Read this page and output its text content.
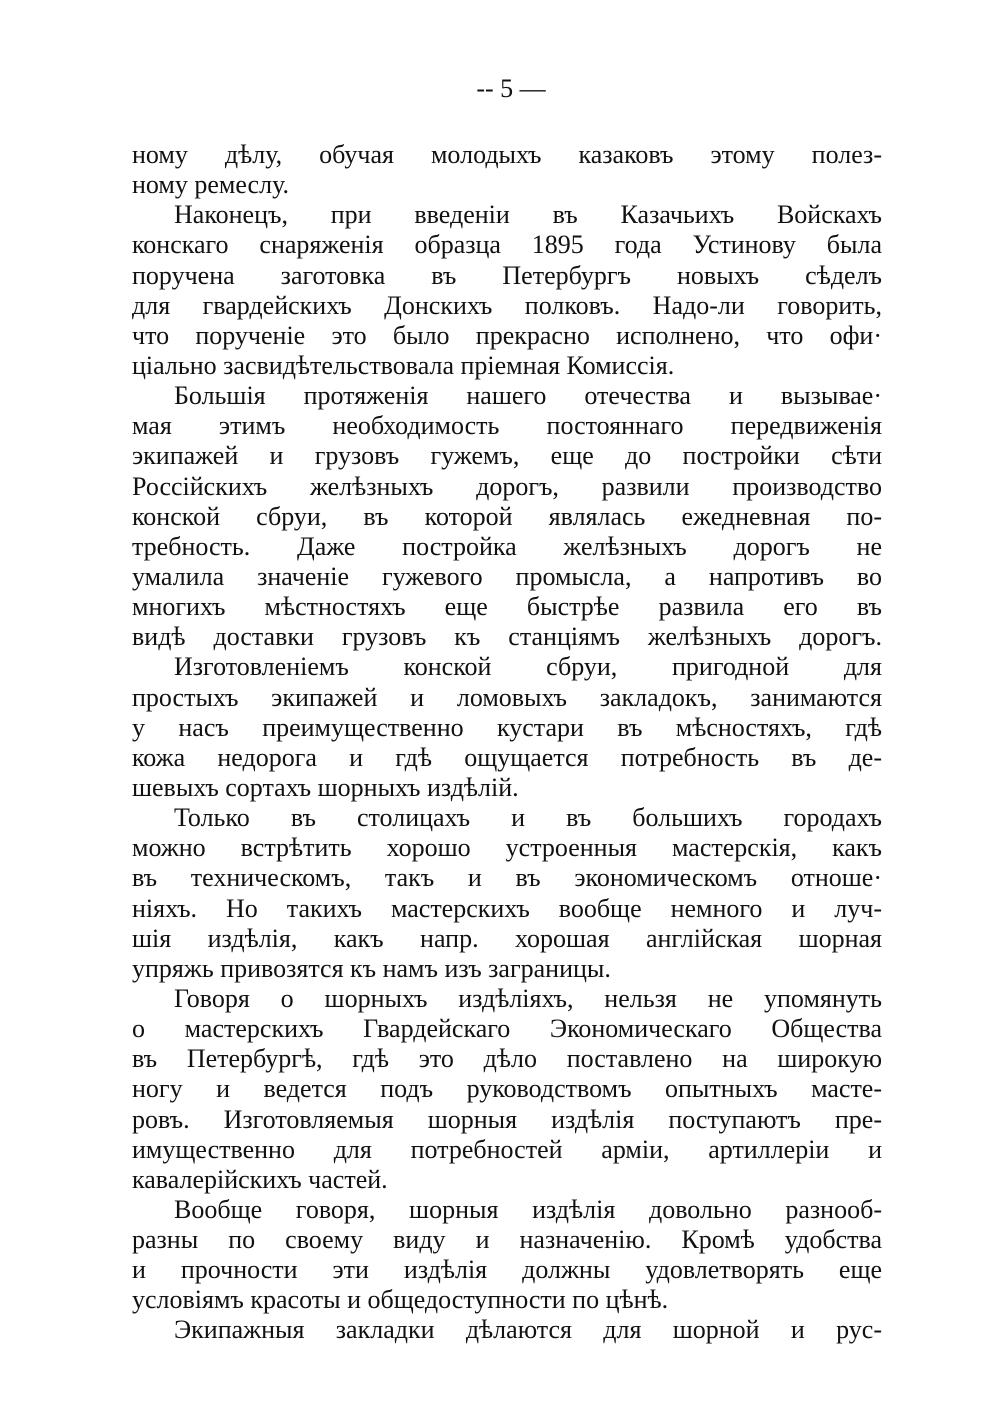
-- 5 —
ному дѣлу, обучая молодыхъ казаковъ этому полез-
ному ремеслу.
Наконецъ, при введеніи въ Казачьихъ Войскахъ
конскаго снаряженія образца 1895 года Устинову была
поручена заготовка въ Петербургъ новыхъ сѣделъ
для гвардейскихъ Донскихъ полковъ. Надо-ли говорить,
что порученіе это было прекрасно исполнено, что офи·
ціально засвидѣтельствовала пріемная Комиссія.
Большія протяженія нашего отечества и вызывае·
мая этимъ необходимость постояннаго передвиженія
экипажей и грузовъ гужемъ, еще до постройки сѣти
Россійскихъ желѣзныхъ дорогъ, развили производство
конской сбруи, въ которой являлась ежедневная по-
требность. Даже постройка желѣзныхъ дорогъ не
умалила значеніе гужевого промысла, а напротивъ во
многихъ мѣстностяхъ еще быстрѣе развила его въ
видѣ доставки грузовъ къ станціямъ желѣзныхъ дорогъ.
Изготовленіемъ конской сбруи, пригодной для
простыхъ экипажей и ломовыхъ закладокъ, занимаются
у насъ преимущественно кустари въ мѣсностяхъ, гдѣ
кожа недорога и гдѣ ощущается потребность въ де-
шевыхъ сортахъ шорныхъ издѣлій.
Только въ столицахъ и въ большихъ городахъ
можно встрѣтить хорошо устроенныя мастерскія, какъ
въ техническомъ, такъ и въ экономическомъ отноше·
ніяхъ. Но такихъ мастерскихъ вообще немного и луч-
шія издѣлія, какъ напр. хорошая англійская шорная
упряжь привозятся къ намъ изъ заграницы.
Говоря о шорныхъ издѣліяхъ, нельзя не упомянуть
о мастерскихъ Гвардейскаго Экономическаго Общества
въ Петербургѣ, гдѣ это дѣло поставлено на широкую
ногу и ведется подъ руководствомъ опытныхъ масте-
ровъ. Изготовляемыя шорныя издѣлія поступаютъ пре-
имущественно для потребностей арміи, артиллеріи и
кавалерійскихъ частей.
Вообще говоря, шорныя издѣлія довольно разнооб-
разны по своему виду и назначенію. Кромѣ удобства
и прочности эти издѣлія должны удовлетворять еще
условіямъ красоты и общедоступности по цѣнѣ.
Экипажныя закладки дѣлаются для шорной и рус-
